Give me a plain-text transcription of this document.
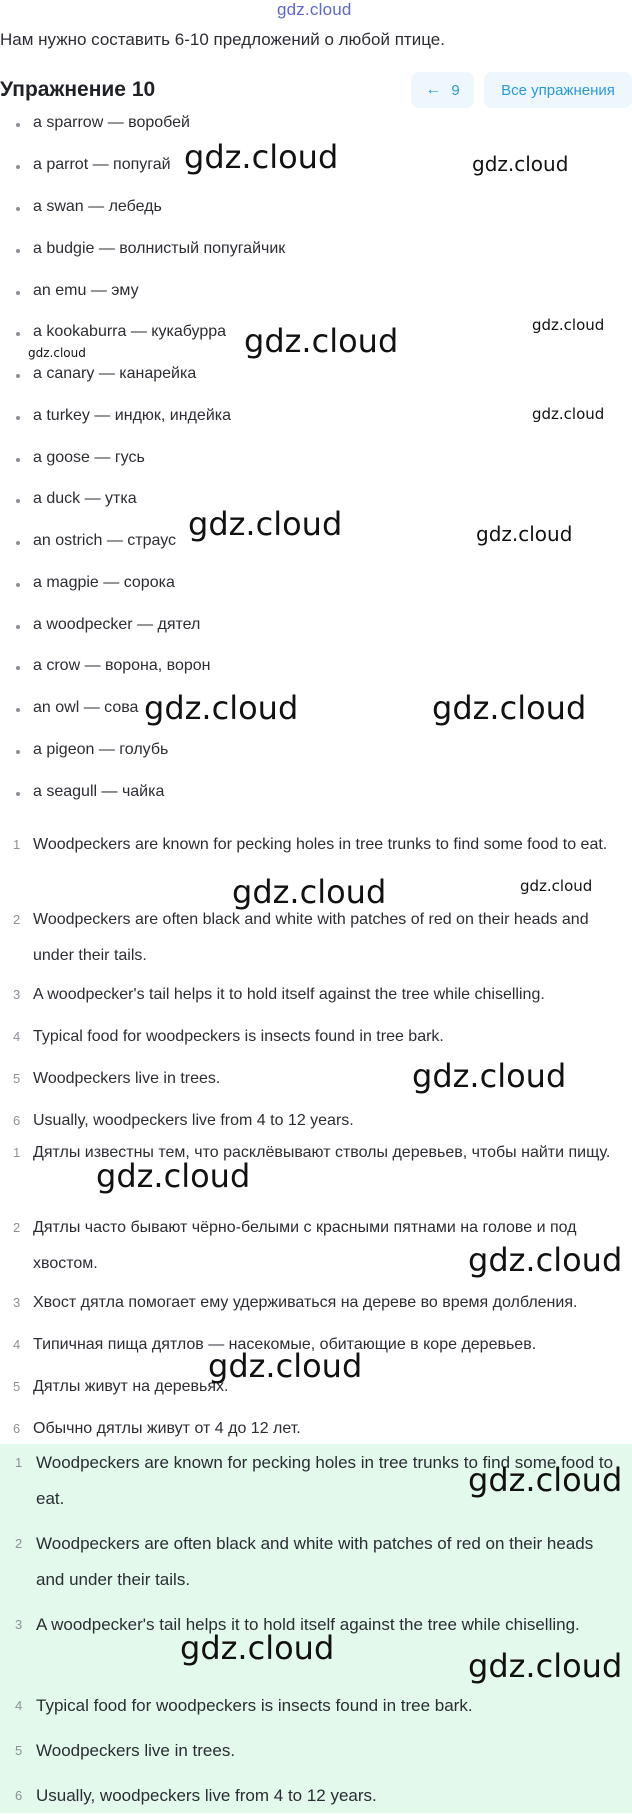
gdz.cloud
Нам нужно составить 6-10 предложений о любой птице.
Упражнение 10	← 9	Все упражнения
a sparrow — воробей
a parrot — попугай
a swan — лебедь
a budgie — волнистый попугайчик
an emu — эму
a kookaburra — кукабурра
a canary — канарейка
a turkey — индюк, индейка
a goose — гусь
a duck — утка
an ostrich — страус
a magpie — сорока
a woodpecker — дятел
a crow — ворона, ворон
an owl — сова
a pigeon — голубь
a seagull — чайка
1 Woodpeckers are known for pecking holes in tree trunks to find some food to eat.
2 Woodpeckers are often black and white with patches of red on their heads and under their tails.
3 A woodpecker's tail helps it to hold itself against the tree while chiselling.
4 Typical food for woodpeckers is insects found in tree bark.
5 Woodpeckers live in trees.
6 Usually, woodpeckers live from 4 to 12 years.
1 Дятлы известны тем, что расклёвывают стволы деревьев, чтобы найти пищу.
2 Дятлы часто бывают чёрно-белыми с красными пятнами на голове и под хвостом.
3 Хвост дятла помогает ему удерживаться на дереве во время долбления.
4 Типичная пища дятлов — насекомые, обитающие в коре деревьев.
5 Дятлы живут на деревьях.
6 Обычно дятлы живут от 4 до 12 лет.
1 Woodpeckers are known for pecking holes in tree trunks to find some food to eat.
2 Woodpeckers are often black and white with patches of red on their heads and under their tails.
3 A woodpecker's tail helps it to hold itself against the tree while chiselling.
4 Typical food for woodpeckers is insects found in tree bark.
5 Woodpeckers live in trees.
6 Usually, woodpeckers live from 4 to 12 years.
gdz.cloud	gdz.cloud
gdz.cloud	gdz.cloud
gdz.cloud
gdz.cloud
gdz.cloud	gdz.cloud
gdz.cloud	gdz.cloud
gdz.cloud	gdz.cloud
gdz.cloud
gdz.cloud
gdz.cloud
gdz.cloud
gdz.cloud
gdz.cloud	gdz.cloud
